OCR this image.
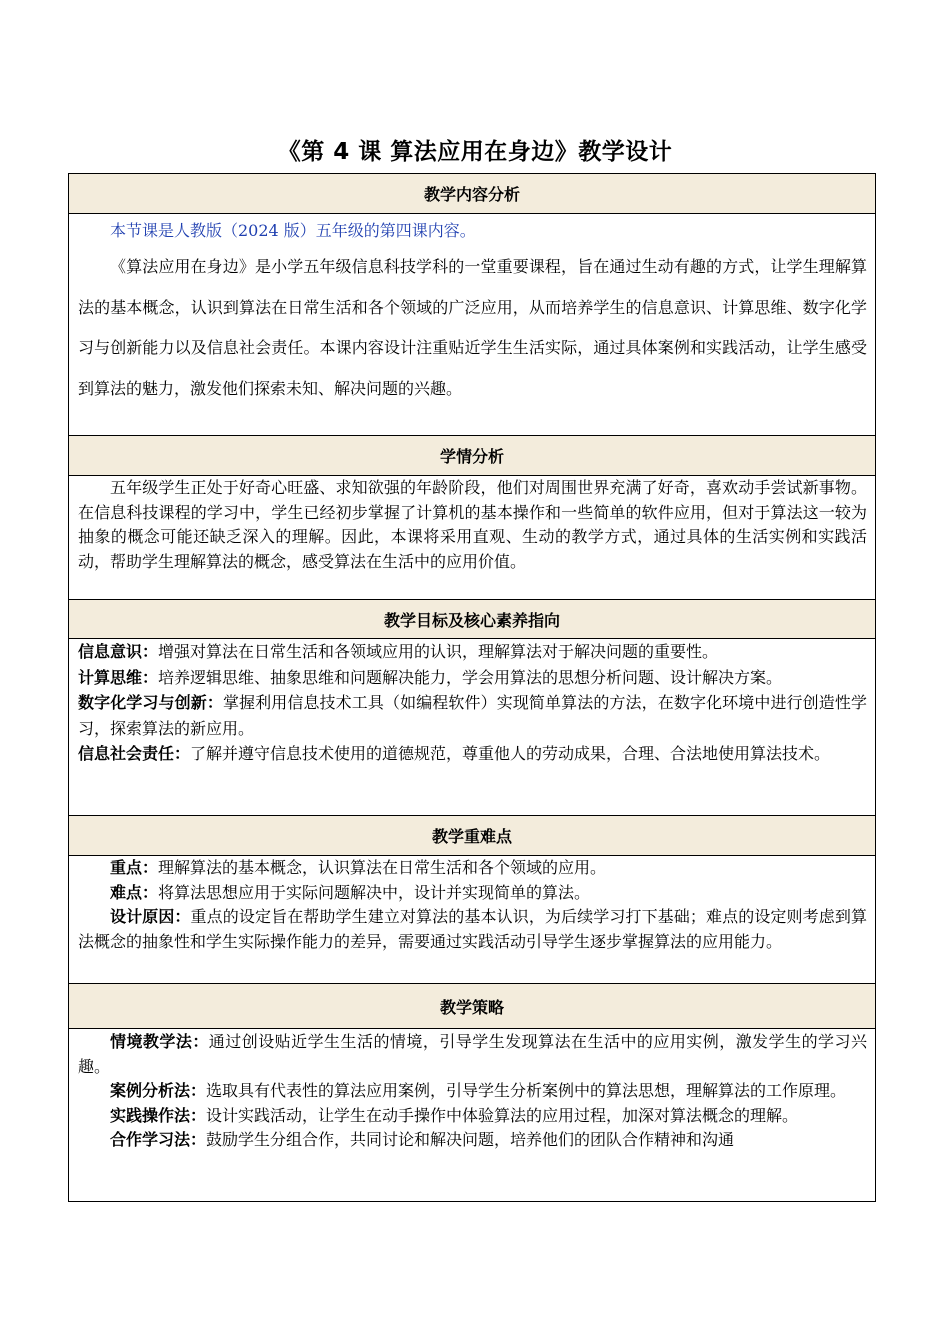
《第 4 课 算法应用在身边》教学设计
教学内容分析

本节课是人教版（2024 版）五年级的第四课内容。

《算法应用在身边》是小学五年级信息科技学科的一堂重要课程，旨在通过生动有趣的方式，让学生理解算法的基本概念，认识到算法在日常生活和各个领域的广泛应用，从而培养学生的信息意识、计算思维、数字化学习与创新能力以及信息社会责任。本课内容设计注重贴近学生生活实际，通过具体案例和实践活动，让学生感受到算法的魅力，激发他们探索未知、解决问题的兴趣。

学情分析

五年级学生正处于好奇心旺盛、求知欲强的年龄阶段，他们对周围世界充满了好奇，喜欢动手尝试新事物。在信息科技课程的学习中，学生已经初步掌握了计算机的基本操作和一些简单的软件应用，但对于算法这一较为抽象的概念可能还缺乏深入的理解。因此，本课将采用直观、生动的教学方式，通过具体的生活实例和实践活动，帮助学生理解算法的概念，感受算法在生活中的应用价值。

教学目标及核心素养指向

信息意识：增强对算法在日常生活和各领域应用的认识，理解算法对于解决问题的重要性。

计算思维：培养逻辑思维、抽象思维和问题解决能力，学会用算法的思想分析问题、设计解决方案。

数字化学习与创新：掌握利用信息技术工具（如编程软件）实现简单算法的方法，在数字化环境中进行创造性学习，探索算法的新应用。

信息社会责任：了解并遵守信息技术使用的道德规范，尊重他人的劳动成果，合理、合法地使用算法技术。

教学重难点

重点：理解算法的基本概念，认识算法在日常生活和各个领域的应用。

难点：将算法思想应用于实际问题解决中，设计并实现简单的算法。

设计原因：重点的设定旨在帮助学生建立对算法的基本认识，为后续学习打下基础；难点的设定则考虑到算法概念的抽象性和学生实际操作能力的差异，需要通过实践活动引导学生逐步掌握算法的应用能力。

教学策略

情境教学法：通过创设贴近学生生活的情境，引导学生发现算法在生活中的应用实例，激发学生的学习兴趣。

案例分析法：选取具有代表性的算法应用案例，引导学生分析案例中的算法思想，理解算法的工作原理。

实践操作法：设计实践活动，让学生在动手操作中体验算法的应用过程，加深对算法概念的理解。

合作学习法：鼓励学生分组合作，共同讨论和解决问题，培养他们的团队合作精神和沟通
